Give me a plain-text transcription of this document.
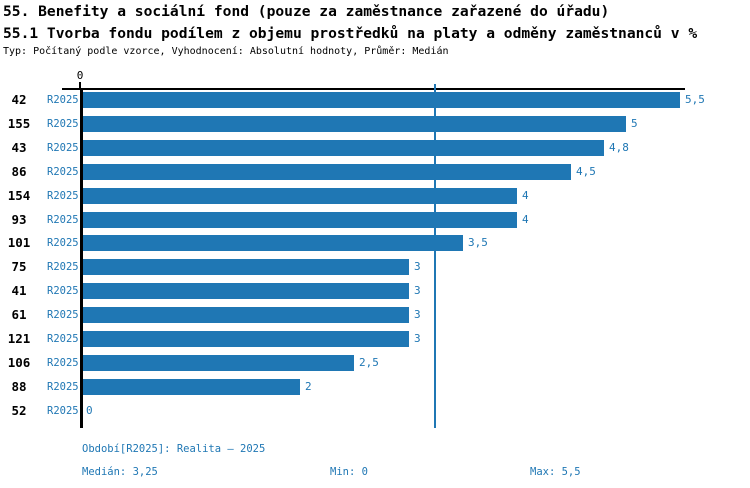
55. Benefity a sociální fond (pouze za zaměstnance zařazené do úřadu)
55.1 Tvorba fondu podílem z objemu prostředků na platy a odměny zaměstnanců v %
Typ: Počítaný podle vzorce, Vyhodnocení: Absolutní hodnoty, Průměr: Medián
0
42	R2025	5,5
155	R2025	5
43	R2025	4,8
86	R2025	4,5
154	R2025	4
93	R2025	4
101	R2025	3,5
75	R2025	3
41	R2025	3
61	R2025	3
121	R2025	3
106	R2025	2,5
88	R2025	2
52	R2025 0
Období[R2025]: Realita – 2025
Medián: 3,25	Min: 0	Max: 5,5
